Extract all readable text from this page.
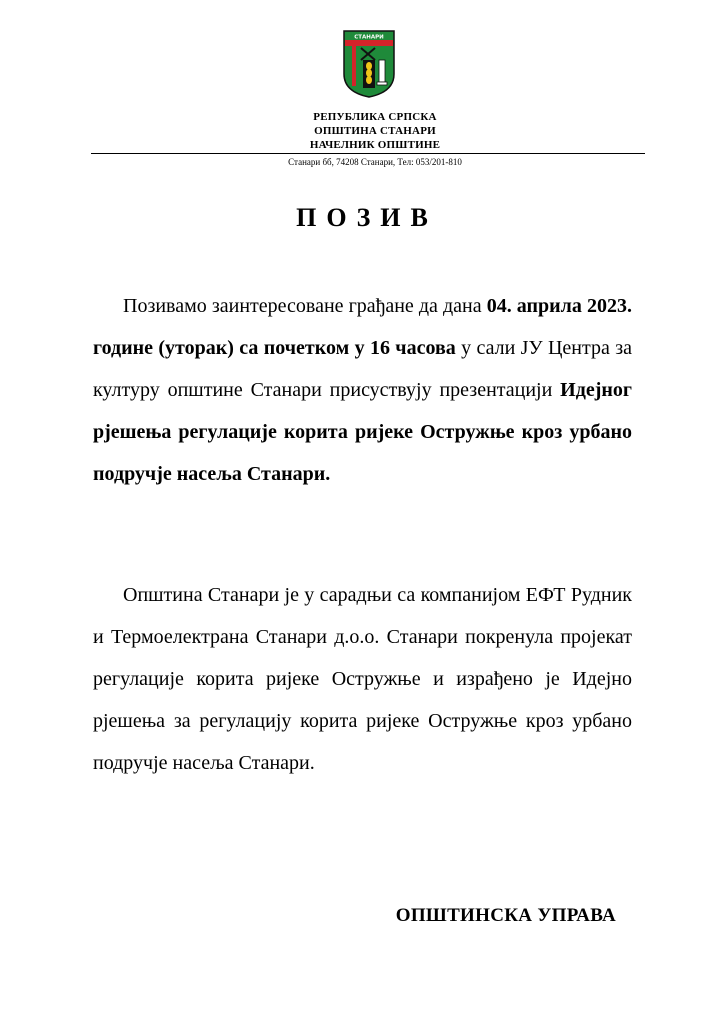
СТАНАРИ
РЕПУБЛИКА СРПСКА
ОПШТИНА СТАНАРИ
НАЧЕЛНИК ОПШТИНЕ
Станари бб, 74208 Станари, Тел: 053/201-810
ПОЗИВ

Позивамо заинтересоване грађане да дана 04. априла 2023. године (уторак) са почетком у 16 часова у сали ЈУ Центра за културу општине Станари присуствују презентацији Идејног рјешења регулације корита ријеке Остружње кроз урбано подручје насеља Станари.

Општина Станари је у сарадњи са компанијом ЕФТ Рудник и Термоелектрана Станари д.о.о. Станари покренула пројекат регулације корита ријеке Остружње и израђено је Идејно рјешења за регулацију корита ријеке Остружње кроз урбано подручје насеља Станари.

ОПШТИНСКА УПРАВА
